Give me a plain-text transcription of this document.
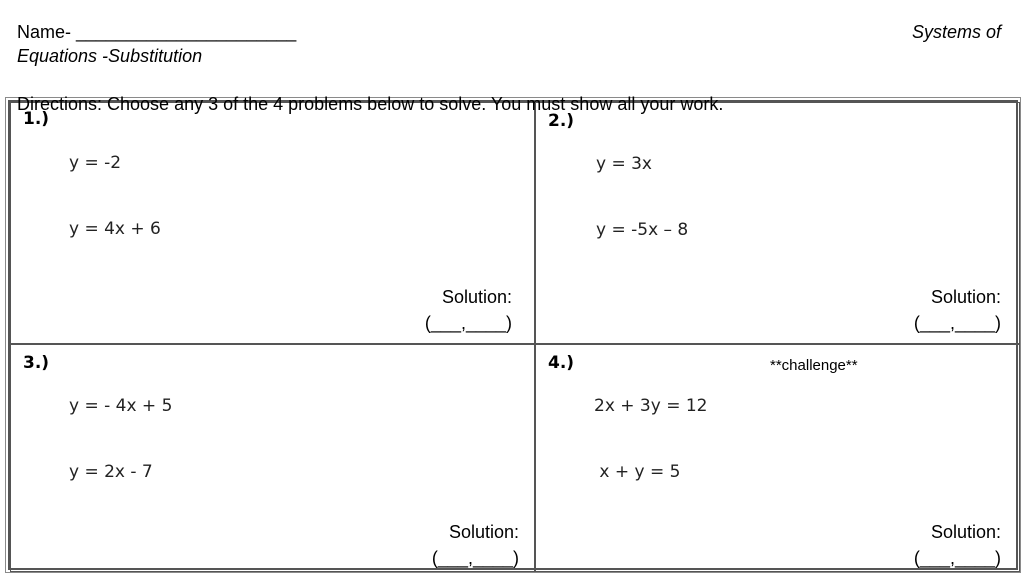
Name- ______________________	Systems of
Equations -Substitution
1.)

y = -2

y = 4x + 6

Solution:
(___,____)
2.)

y = 3x

y = -5x – 8

Solution:
(___,____)
3.)

y = - 4x + 5

y = 2x - 7

Solution:
(___,____)
4.)

2x + 3y = 12

x + y = 5

**challenge**
Solution:
(___,____)
Directions: Choose any 3 of the 4 problems below to solve. You must show all your work.
